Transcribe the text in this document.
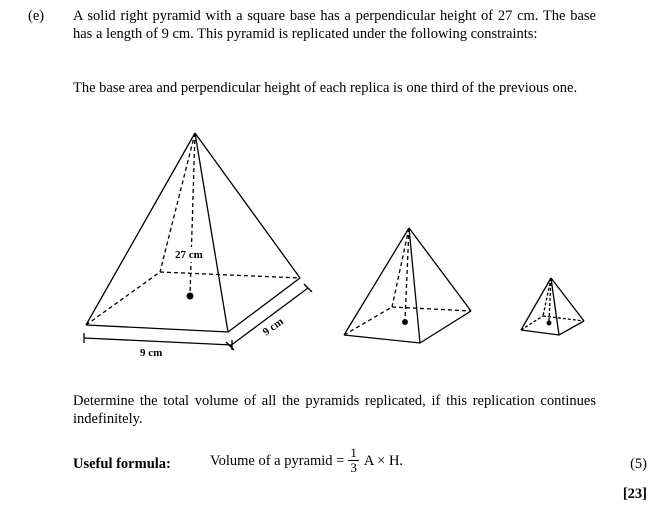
(e) A solid right pyramid with a square base has a perpendicular height of 27 cm. The base has a length of 9 cm. This pyramid is replicated under the following constraints:
The base area and perpendicular height of each replica is one third of the previous one.
27 cm
9 cm
9 cm
Determine the total volume of all the pyramids replicated, if this replication continues indefinitely.
Useful formula:	Volume of a pyramid = $\frac{1}{3}$ A × H.	(5)
[23]
